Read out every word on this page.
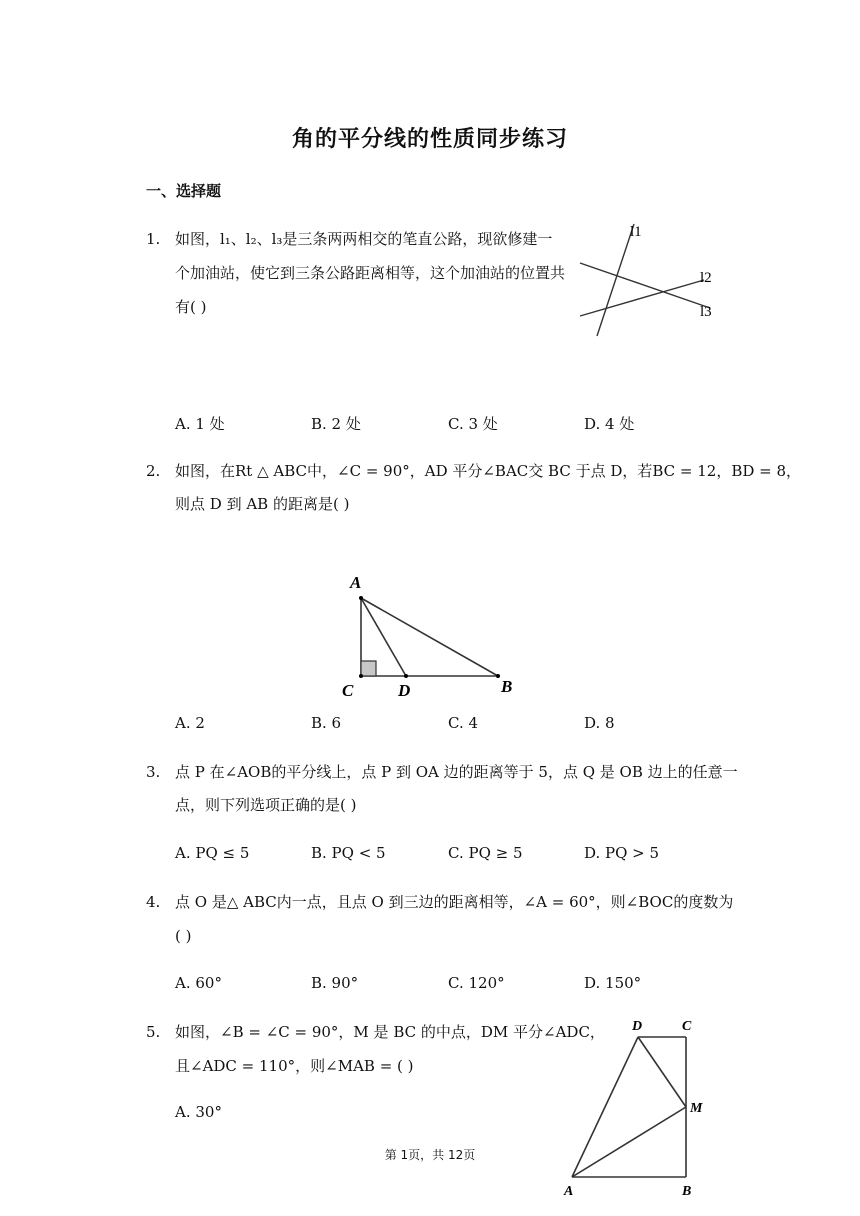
角的平分线的性质同步练习
一、选择题
1. 如图，l₁、l₂、l₃是三条两两相交的笔直公路，现欲修建一
个加油站，使它到三条公路距离相等，这个加油站的位置共
有( )
l1
l2
l3
A. 1 处	B. 2 处	C. 3 处	D. 4 处
2. 如图，在Rt △ ABC中，∠C = 90°，AD 平分∠BAC交 BC 于点 D，若BC = 12，BD = 8，
则点 D 到 AB 的距离是( )
A
C	D	B
A. 2	B. 6	C. 4	D. 8
3. 点 P 在∠AOB的平分线上，点 P 到 OA 边的距离等于 5，点 Q 是 OB 边上的任意一
点，则下列选项正确的是( )
A. PQ ≤ 5	B. PQ < 5	C. PQ ≥ 5	D. PQ > 5
4. 点 O 是△ ABC内一点，且点 O 到三边的距离相等，∠A = 60°，则∠BOC的度数为
( )
A. 60°	B. 90°	C. 120°	D. 150°
5. 如图，∠B = ∠C = 90°，M 是 BC 的中点，DM 平分∠ADC，
且∠ADC = 110°，则∠MAB = ( )
A. 30°
D	C
M
A	B
第 1页，共 12页
